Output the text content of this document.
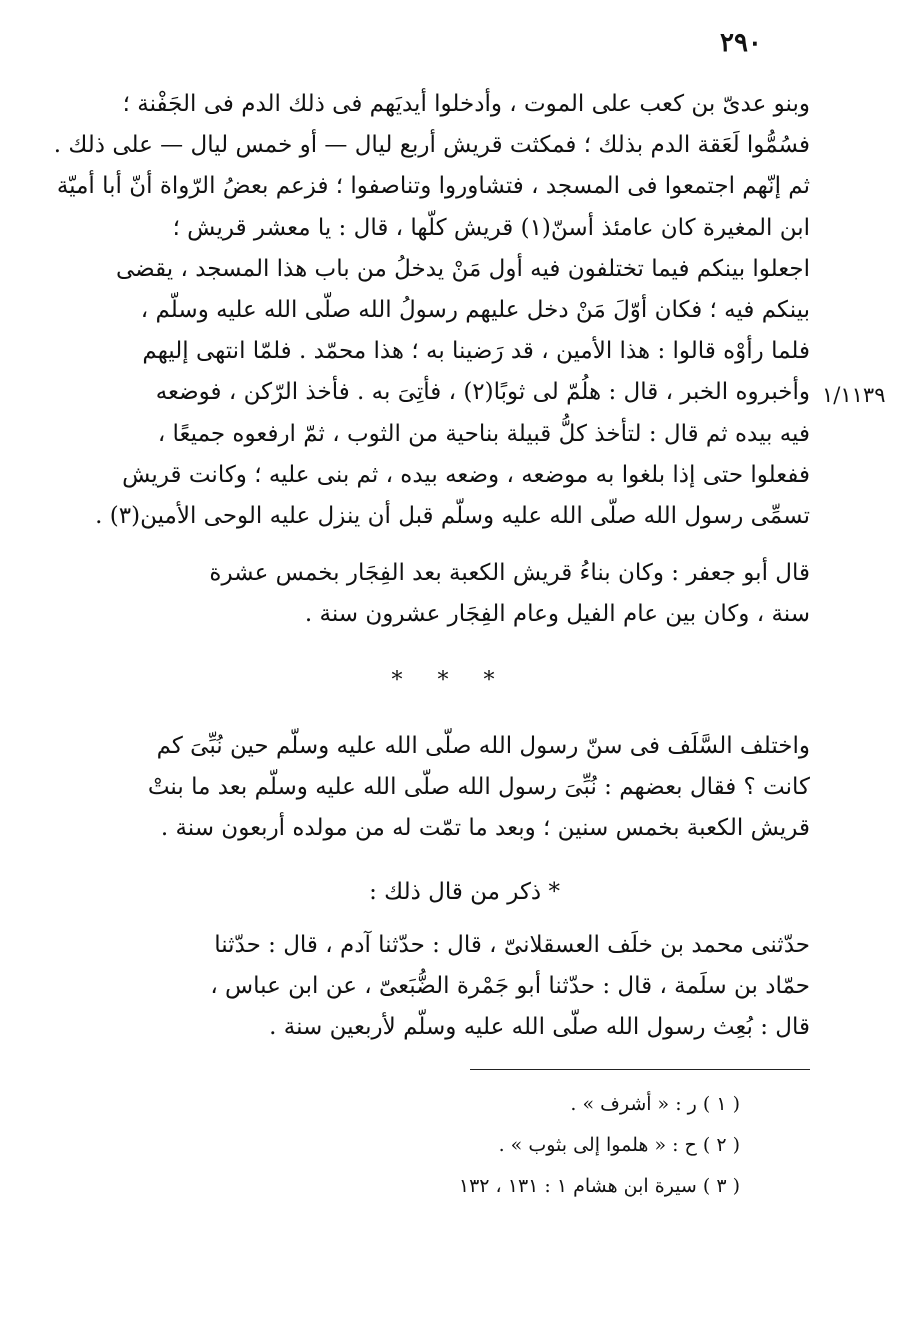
٢٩٠
١/١١٣٩
وبنو عدىّ بن كعب على الموت ، وأدخلوا أيديَهم فى ذلك الدم فى الجَفْنة ؛
فسُمُّوا لَعَقة الدم بذلك ؛ فمكثت قريش أربع ليال — أو خمس ليال — على ذلك .
ثم إنّهم اجتمعوا فى المسجد ، فتشاوروا وتناصفوا ؛ فزعم بعضُ الرّواة أنّ أبا أميّة
ابن المغيرة كان عامئذ أسنّ(١) قريش كلّها ، قال : يا معشر قريش ؛
اجعلوا بينكم فيما تختلفون فيه أول مَنْ يدخلُ من باب هذا المسجد ، يقضى
بينكم فيه ؛ فكان أوّلَ مَنْ دخل عليهم رسولُ الله صلّى الله عليه وسلّم ،
فلما رأوْه قالوا : هذا الأمين ، قد رَضينا به ؛ هذا محمّد . فلمّا انتهى إليهم
وأخبروه الخبر ، قال : هلُمّ لى ثوبًا(٢) ، فأتِىَ به . فأخذ الرّكن ، فوضعه
فيه بيده ثم قال : لتأخذ كلُّ قبيلة بناحية من الثوب ، ثمّ ارفعوه جميعًا ،
ففعلوا حتى إذا بلغوا به موضعه ، وضعه بيده ، ثم بنى عليه ؛ وكانت قريش
تسمِّى رسول الله صلّى الله عليه وسلّم قبل أن ينزل عليه الوحى الأمين(٣) .
قال أبو جعفر : وكان بناءُ قريش الكعبة بعد الفِجَار بخمس عشرة
سنة ، وكان بين عام الفيل وعام الفِجَار عشرون سنة .
* * *
واختلف السَّلَف فى سنّ رسول الله صلّى الله عليه وسلّم حين نُبِّىَ كم
كانت ؟ فقال بعضهم : نُبِّىَ رسول الله صلّى الله عليه وسلّم بعد ما بنتْ
قريش الكعبة بخمس سنين ؛ وبعد ما تمّت له من مولده أربعون سنة .
* ذكر من قال ذلك :
حدّثنى محمد بن خلَف العسقلانىّ ، قال : حدّثنا آدم ، قال : حدّثنا
حمّاد بن سلَمة ، قال : حدّثنا أبو جَمْرة الضُّبَعىّ ، عن ابن عباس ،
قال : بُعِث رسول الله صلّى الله عليه وسلّم لأربعين سنة .
( ١ ) ر : « أشرف » .
( ٢ ) ح : « هلموا إلى بثوب » .
( ٣ ) سيرة ابن هشام ١ : ١٣١ ، ١٣٢
